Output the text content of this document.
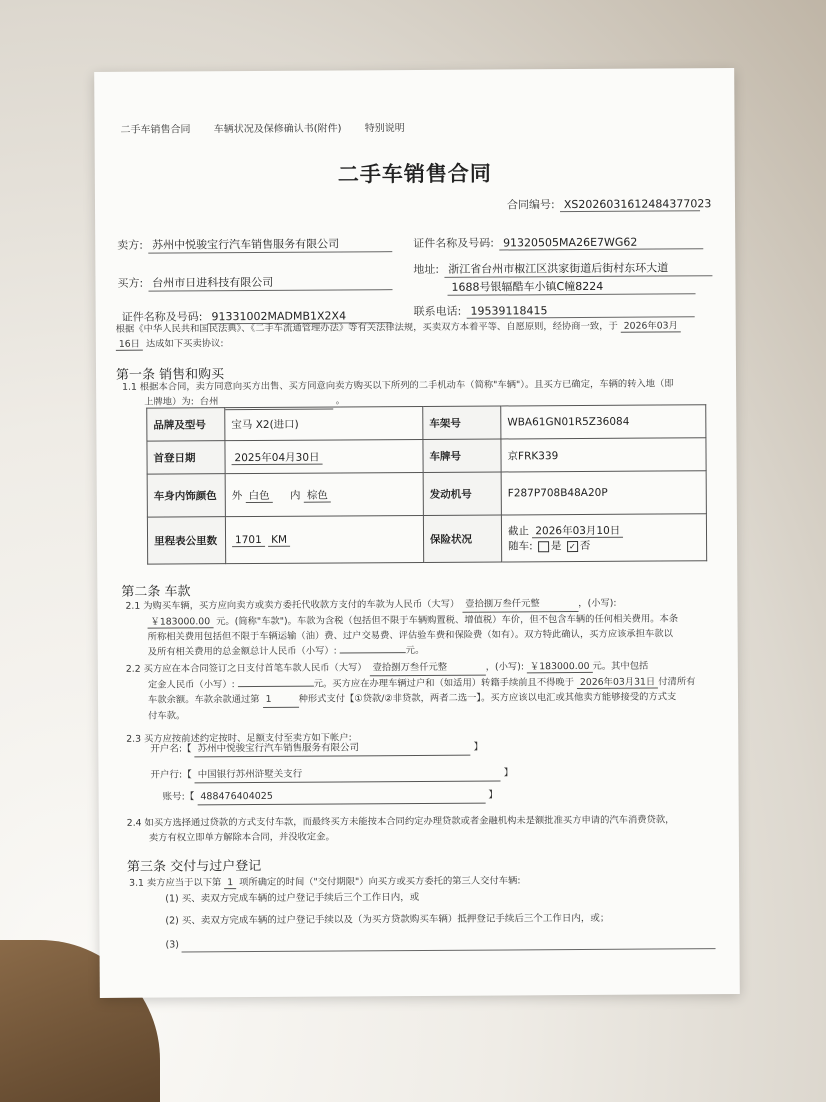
二手车销售合同 车辆状况及保修确认书(附件) 特别说明
二手车销售合同
合同编号: XS2026031612484377023
卖方: 苏州中悦骏宝行汽车销售服务有限公司	证件名称及号码: 91320505MA26E7WG62
买方: 台州市日进科技有限公司
地址: 浙江省台州市椒江区洪家街道后街村东环大道
1688号银辐酷车小镇C幢8224
证件名称及号码: 91331002MADMB1X2X4	联系电话: 19539118415
根据《中华人民共和国民法典》、《二手车流通管理办法》等有关法律法规，买卖双方本着平等、自愿原则，经协商一致，于 2026年03月
16日 达成如下买卖协议:
第一条 销售和购买
1.1 根据本合同，卖方同意向买方出售、买方同意向卖方购买以下所列的二手机动车（简称"车辆"）。且买方已确定，车辆的转入地（即
上牌地）为: 台州	。
品牌及型号	宝马 X2(进口)	车架号	WBA61GN01R5Z36084
首登日期	2025年04月30日	车牌号	京FRK339
车身内饰颜色	外 白色 内 棕色	发动机号	F287P708B48A20P
里程表公里数	1701 KM	保险状况	截止 2026年03月10日
随车: 是 ✓ 否
第二条 车款
2.1 为购买车辆，买方应向卖方或卖方委托代收款方支付的车款为人民币（大写） 壹拾捌万叁仟元整	，(小写):
￥183000.00 元。(简称"车款")。车款为含税（包括但不限于车辆购置税、增值税）车价，但不包含车辆的任何相关费用。本条
所称相关费用包括但不限于车辆运输（油）费、过户交易费、评估验车费和保险费（如有）。双方特此确认，买方应该承担车款以
及所有相关费用的总金额总计人民币（小写）:	元。
2.2 买方应在本合同签订之日支付首笔车款人民币（大写） 壹拾捌万叁仟元整	，(小写): ￥183000.00 元。其中包括
定金人民币（小写）:	元。买方应在办理车辆过户和（如适用）转籍手续前且不得晚于 2026年03月31日 付清所有
车款余额。车款余款通过第 1	种形式支付【①贷款/②非贷款，两者二选一】。买方应该以电汇或其他卖方能够接受的方式支
付车款。
2.3 买方应按前述约定按时、足额支付至卖方如下帐户:
开户名:【 苏州中悦骏宝行汽车销售服务有限公司	】
开户行:【 中国银行苏州浒墅关支行	】
账号:【 488476404025	】
2.4 如买方选择通过贷款的方式支付车款，而最终买方未能按本合同约定办理贷款或者金融机构未是额批准买方申请的汽车消费贷款，
卖方有权立即单方解除本合同，并没收定金。
第三条 交付与过户登记
3.1 卖方应当于以下第 1 项所确定的时间（"交付期限"）向买方或买方委托的第三人交付车辆:
(1) 买、卖双方完成车辆的过户登记手续后三个工作日内，或
(2) 买、卖双方完成车辆的过户登记手续以及（为买方贷款购买车辆）抵押登记手续后三个工作日内，或；
(3)
